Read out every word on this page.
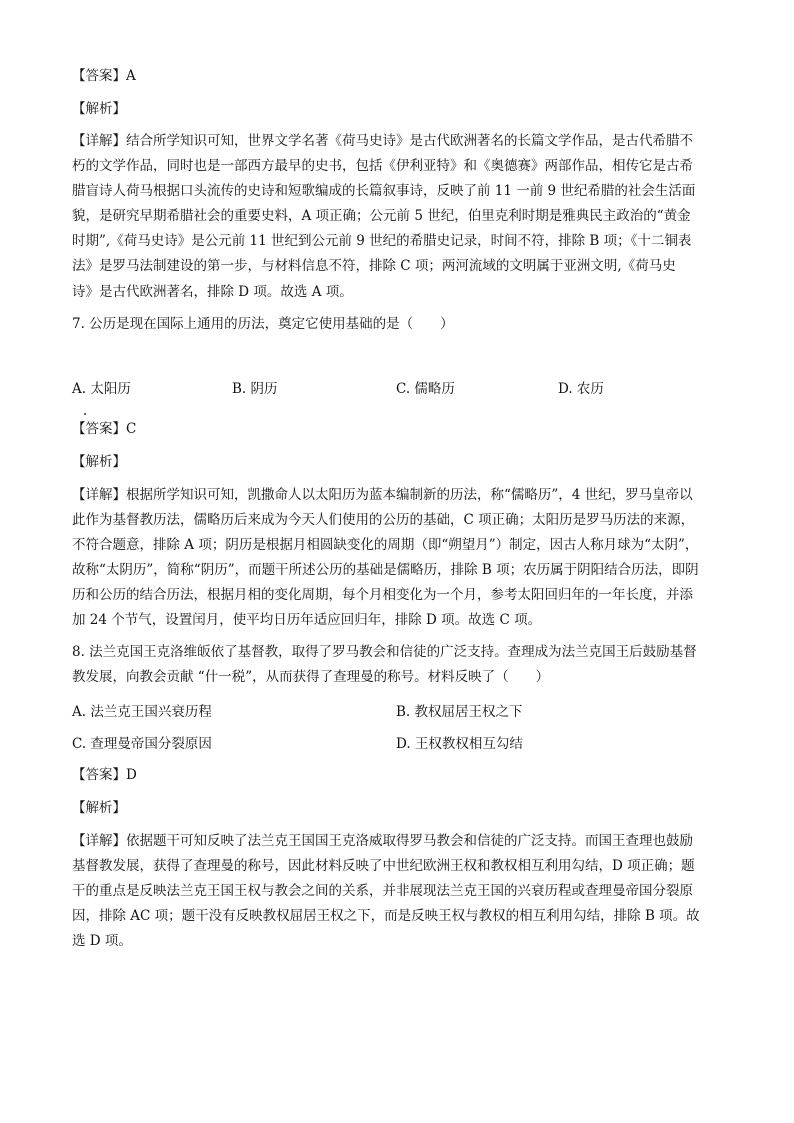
【答案】A
【解析】
【详解】结合所学知识可知，世界文学名著《荷马史诗》是古代欧洲著名的长篇文学作品，是古代希腊不
朽的文学作品，同时也是一部西方最早的史书，包括《伊利亚特》和《奥德赛》两部作品，相传它是古希
腊盲诗人荷马根据口头流传的史诗和短歌编成的长篇叙事诗，反映了前 11 一前 9 世纪希腊的社会生活面
貌，是研究早期希腊社会的重要史料，A 项正确；公元前 5 世纪，伯里克利时期是雅典民主政治的“黄金
时期”,《荷马史诗》是公元前 11 世纪到公元前 9 世纪的希腊史记录，时间不符，排除 B 项；《十二铜表
法》是罗马法制建设的第一步，与材料信息不符，排除 C 项；两河流域的文明属于亚洲文明,《荷马史
诗》是古代欧洲著名，排除 D 项。故选 A 项。
7. 公历是现在国际上通用的历法，奠定它使用基础的是（　　）
A. 太阳历	B. 阴历	C. 儒略历	D. 农历
【答案】C
【解析】
【详解】根据所学知识可知，凯撒命人以太阳历为蓝本编制新的历法，称“儒略历”，4 世纪，罗马皇帝以
此作为基督教历法，儒略历后来成为今天人们使用的公历的基础，C 项正确；太阳历是罗马历法的来源，
不符合题意，排除 A 项；阴历是根据月相圆缺变化的周期（即“朔望月”）制定，因古人称月球为“太阴”，
故称“太阴历”，简称“阴历”，而题干所述公历的基础是儒略历，排除 B 项；农历属于阴阳结合历法，即阴
历和公历的结合历法，根据月相的变化周期，每个月相变化为一个月，参考太阳回归年的一年长度，并添
加 24 个节气，设置闰月，使平均日历年适应回归年，排除 D 项。故选 C 项。
8. 法兰克国王克洛维皈依了基督教，取得了罗马教会和信徒的广泛支持。查理成为法兰克国王后鼓励基督
教发展，向教会贡献 “什一税”，从而获得了查理曼的称号。材料反映了（　　）
A. 法兰克王国兴衰历程	B. 教权屈居王权之下
C. 查理曼帝国分裂原因	D. 王权教权相互勾结
【答案】D
【解析】
【详解】依据题干可知反映了法兰克王国国王克洛威取得罗马教会和信徒的广泛支持。而国王查理也鼓励
基督教发展，获得了查理曼的称号，因此材料反映了中世纪欧洲王权和教权相互利用勾结，D 项正确；题
干的重点是反映法兰克王国王权与教会之间的关系，并非展现法兰克王国的兴衰历程或查理曼帝国分裂原
因，排除 AC 项；题干没有反映教权屈居王权之下，而是反映王权与教权的相互利用勾结，排除 B 项。故
选 D 项。
